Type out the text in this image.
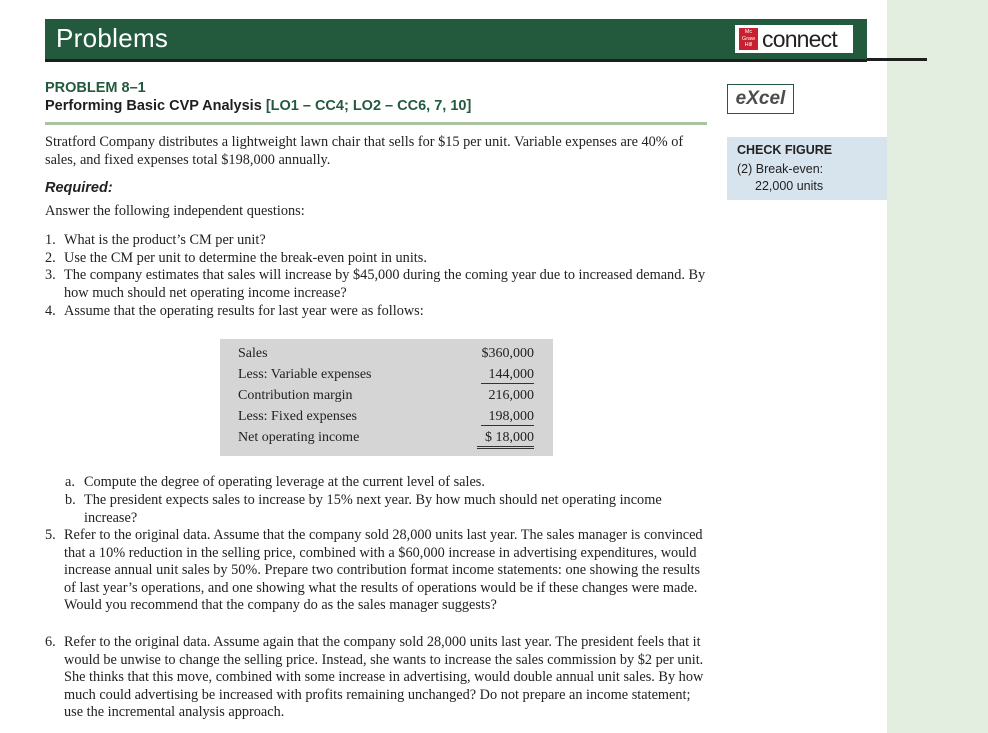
Problems	Mc
Graw
Hill connect
PROBLEM 8–1
Performing Basic CVP Analysis [LO1 – CC4; LO2 – CC6, 7, 10]	eXcel
CHECK FIGURE
(2) Break-even:
22,000 units
Stratford Company distributes a lightweight lawn chair that sells for $15 per unit. Variable expenses are 40% of sales, and fixed expenses total $198,000 annually.
Required:
Answer the following independent questions:
1. What is the product’s CM per unit?
2. Use the CM per unit to determine the break-even point in units.
3. The company estimates that sales will increase by $45,000 during the coming year due to increased demand. By how much should net operating income increase?
4. Assume that the operating results for last year were as follows:
Sales	$360,000
Less: Variable expenses	144,000
Contribution margin	216,000
Less: Fixed expenses	198,000
Net operating income	$ 18,000
a. Compute the degree of operating leverage at the current level of sales.
b. The president expects sales to increase by 15% next year. By how much should net operating income increase?
5. Refer to the original data. Assume that the company sold 28,000 units last year. The sales manager is convinced that a 10% reduction in the selling price, combined with a $60,000 increase in advertising expenditures, would increase annual unit sales by 50%. Prepare two contribution format income statements: one showing the results of last year’s operations, and one showing what the results of operations would be if these changes were made. Would you recommend that the company do as the sales manager suggests?
6. Refer to the original data. Assume again that the company sold 28,000 units last year. The president feels that it would be unwise to change the selling price. Instead, she wants to increase the sales commission by $2 per unit. She thinks that this move, combined with some increase in advertising, would double annual unit sales. By how much could advertising be increased with profits remaining unchanged? Do not prepare an income statement; use the incremental analysis approach.
